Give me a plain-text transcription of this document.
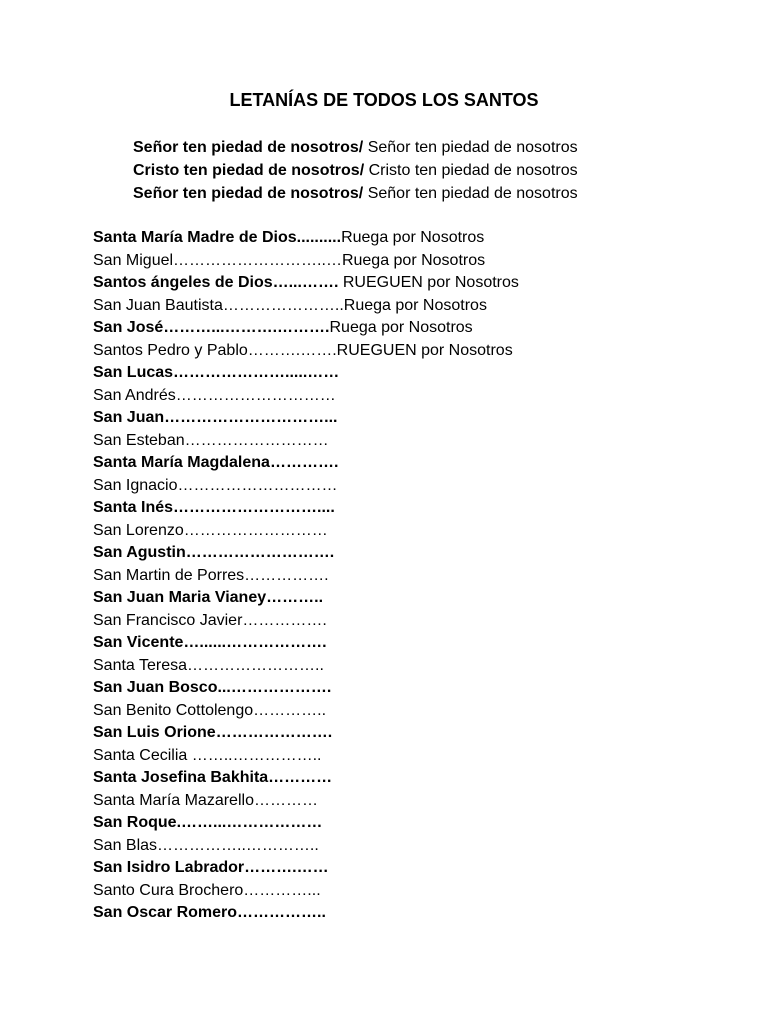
LETANÍAS DE TODOS LOS SANTOS
Señor ten piedad de nosotros/ Señor ten piedad de nosotros
Cristo ten piedad de nosotros/ Cristo ten piedad de nosotros
Señor ten piedad de nosotros/ Señor ten piedad de nosotros
Santa María Madre de Dios..........Ruega por Nosotros
San Miguel………………………..…Ruega por Nosotros
Santos ángeles de Dios…...……. RUEGUEN por Nosotros
San Juan Bautista…………………..Ruega por Nosotros
San José………...……….……….Ruega por Nosotros
Santos Pedro y Pablo……….…….RUEGUEN por Nosotros
San Lucas………………….....……
San Andrés…………………………
San Juan…………………………...
San Esteban………………………
Santa María Magdalena………….
San Ignacio…………………………
Santa Inés………………………....
San Lorenzo………………………
San Agustin……………………….
San Martin de Porres…………….
San Juan Maria Vianey………..
San Francisco Javier…………….
San Vicente…......……………….
Santa Teresa……………………..
San Juan Bosco...……………….
San Benito Cottolengo…………..
San Luis Orione………………….
Santa Cecilia ……..……………..
Santa Josefina Bakhita…………
Santa María Mazarello…………
San Roque.……...………………
San Blas……………..…………..
San Isidro Labrador……….……
Santo Cura Brochero…………...
San Oscar Romero……………..
